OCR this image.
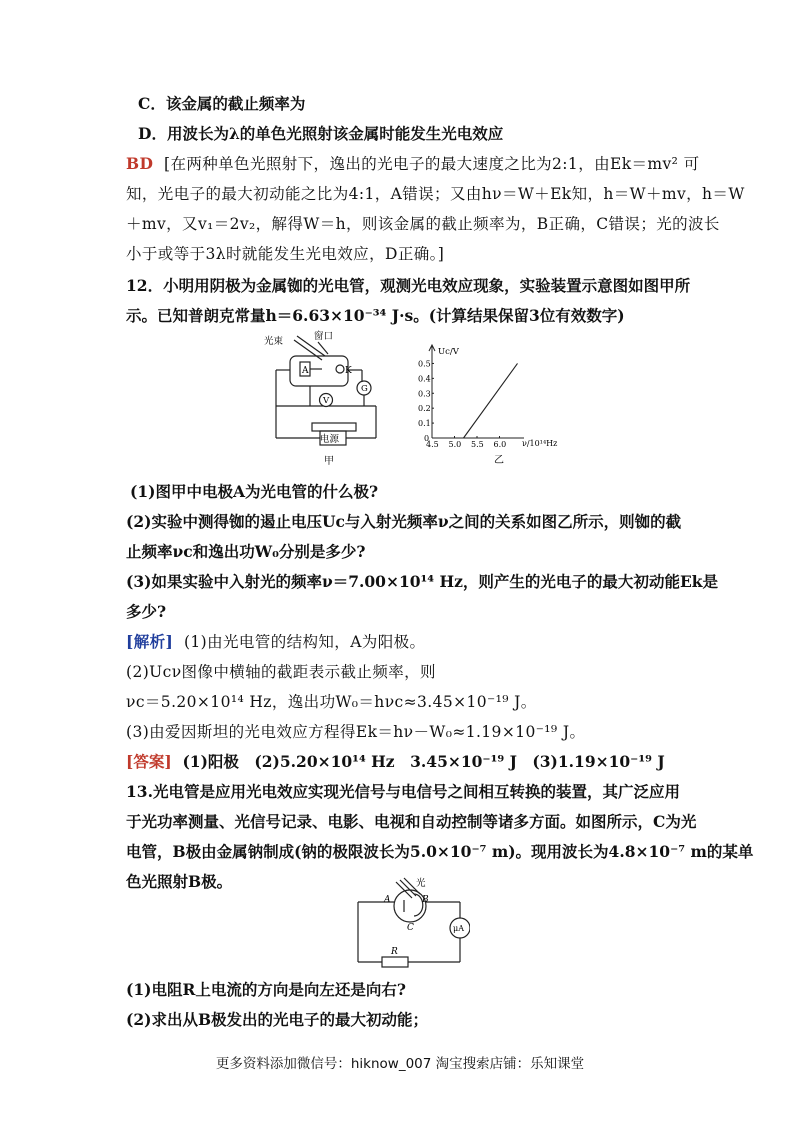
C．该金属的截止频率为
D．用波长为λ的单色光照射该金属时能发生光电效应
BD [在两种单色光照射下，逸出的光电子的最大速度之比为2:1，由Ek＝mv² 可
知，光电子的最大初动能之比为4:1，A错误；又由hν＝W＋Ek知，h＝W＋mv，h＝W
＋mv，又v₁＝2v₂，解得W＝h，则该金属的截止频率为，B正确，C错误；光的波长
小于或等于3λ时就能发生光电效应，D正确。]
12．小明用阴极为金属铷的光电管，观测光电效应现象，实验装置示意图如图甲所
示。已知普朗克常量h＝6.63×10⁻³⁴ J·s。(计算结果保留3位有效数字)
光束	窗口
A	K
G
V
电源
甲
Uc/V
ν/10¹⁴Hz
4.5 5.0 5.5 6.0
0
0.1
0.2
0.3
0.4
0.5
乙
(1)图甲中电极A为光电管的什么极?
(2)实验中测得铷的遏止电压Uc与入射光频率ν之间的关系如图乙所示，则铷的截
止频率νc和逸出功W₀分别是多少?
(3)如果实验中入射光的频率ν＝7.00×10¹⁴ Hz，则产生的光电子的最大初动能Ek是
多少?
[解析] (1)由光电管的结构知，A为阳极。
(2)Ucν图像中横轴的截距表示截止频率，则
νc＝5.20×10¹⁴ Hz，逸出功W₀＝hνc≈3.45×10⁻¹⁹ J。
(3)由爱因斯坦的光电效应方程得Ek＝hν－W₀≈1.19×10⁻¹⁹ J。
[答案] (1)阳极　(2)5.20×10¹⁴ Hz　3.45×10⁻¹⁹ J　(3)1.19×10⁻¹⁹ J
13.光电管是应用光电效应实现光信号与电信号之间相互转换的装置，其广泛应用
于光功率测量、光信号记录、电影、电视和自动控制等诸多方面。如图所示，C为光
电管，B极由金属钠制成(钠的极限波长为5.0×10⁻⁷ m)。现用波长为4.8×10⁻⁷ m的某单
色光照射B极。	光
A	B
C	μA
R
(1)电阻R上电流的方向是向左还是向右?
(2)求出从B极发出的光电子的最大初动能；
更多资料添加微信号：hiknow_007 淘宝搜索店铺：乐知课堂
